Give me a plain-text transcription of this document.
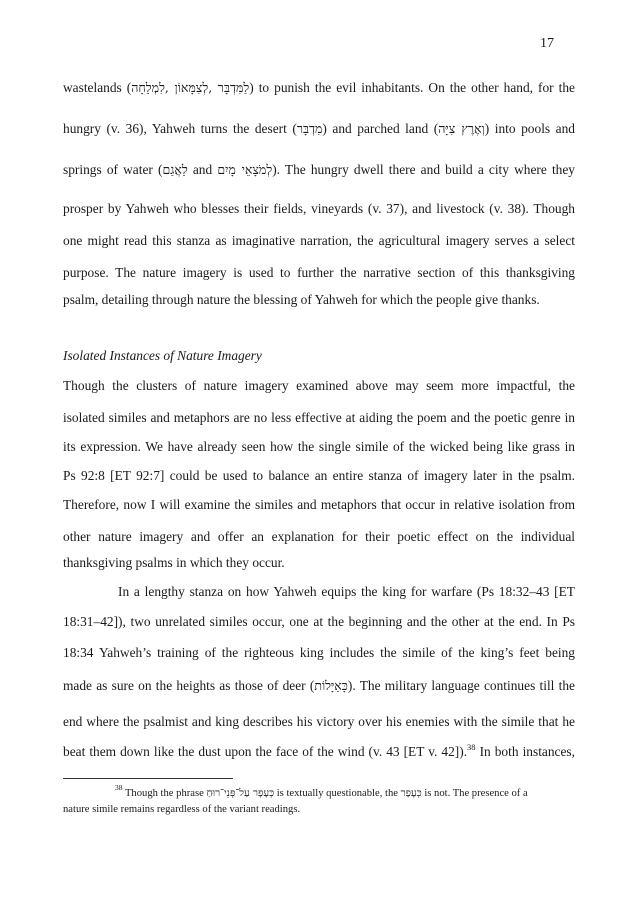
17
wastelands (לַמִּדְבָּר ,לְצִמָּאוֹן ,לִמְלֵחָה) to punish the evil inhabitants. On the other hand, for the
hungry (v. 36), Yahweh turns the desert (מִדְבָּר) and parched land (וְאֶרֶץ צִיָּה) into pools and
springs of water (לַאֲגַם and לְמֹצָאֵי מָיִם). The hungry dwell there and build a city where they
prosper by Yahweh who blesses their fields, vineyards (v. 37), and livestock (v. 38). Though
one might read this stanza as imaginative narration, the agricultural imagery serves a select
purpose. The nature imagery is used to further the narrative section of this thanksgiving
psalm, detailing through nature the blessing of Yahweh for which the people give thanks.
Isolated Instances of Nature Imagery
Though the clusters of nature imagery examined above may seem more impactful, the
isolated similes and metaphors are no less effective at aiding the poem and the poetic genre in
its expression. We have already seen how the single simile of the wicked being like grass in
Ps 92:8 [ET 92:7] could be used to balance an entire stanza of imagery later in the psalm.
Therefore, now I will examine the similes and metaphors that occur in relative isolation from
other nature imagery and offer an explanation for their poetic effect on the individual
thanksgiving psalms in which they occur.
In a lengthy stanza on how Yahweh equips the king for warfare (Ps 18:32–43 [ET
18:31–42]), two unrelated similes occur, one at the beginning and the other at the end. In Ps
18:34 Yahweh’s training of the righteous king includes the simile of the king’s feet being
made as sure on the heights as those of deer (כָּאַיָּלוֹת). The military language continues till the
end where the psalmist and king describes his victory over his enemies with the simile that he
beat them down like the dust upon the face of the wind (v. 43 [ET v. 42]).$^{38}$ In both instances,
$^{38}$ Though the phrase כְּעָפָר עַל־פְּנֵי־רוּחַ is textually questionable, the כְּעָפָר is not. The presence of a
nature simile remains regardless of the variant readings.
